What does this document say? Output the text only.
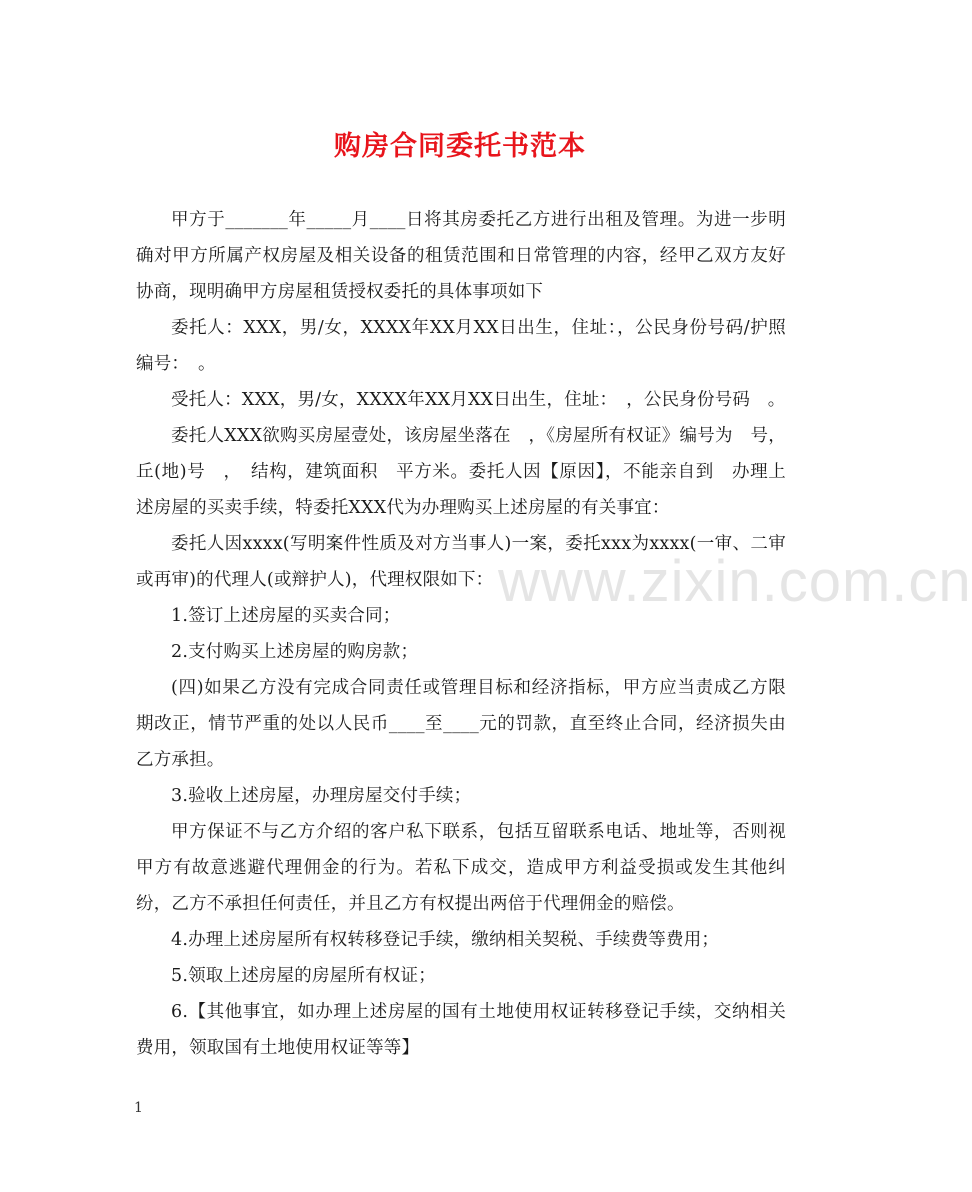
购房合同委托书范本

甲方于_______年_____月____日将其房委托乙方进行出租及管理。为进一步明确对甲方所属产权房屋及相关设备的租赁范围和日常管理的内容，经甲乙双方友好协商，现明确甲方房屋租赁授权委托的具体事项如下

委托人：XXX，男/女，XXXX年XX月XX日出生，住址：，公民身份号码/护照编号：　。

受托人：XXX，男/女，XXXX年XX月XX日出生，住址：　，公民身份号码　。

委托人XXX欲购买房屋壹处，该房屋坐落在　，《房屋所有权证》编号为　号，丘(地)号　，　结构，建筑面积　平方米。委托人因【原因】，不能亲自到　办理上述房屋的买卖手续，特委托XXX代为办理购买上述房屋的有关事宜：

委托人因xxxx(写明案件性质及对方当事人)一案，委托xxx为xxxx(一审、二审或再审)的代理人(或辩护人)，代理权限如下：

1.签订上述房屋的买卖合同；

2.支付购买上述房屋的购房款；

(四)如果乙方没有完成合同责任或管理目标和经济指标，甲方应当责成乙方限期改正，情节严重的处以人民币____至____元的罚款，直至终止合同，经济损失由乙方承担。

3.验收上述房屋，办理房屋交付手续；

甲方保证不与乙方介绍的客户私下联系，包括互留联系电话、地址等，否则视甲方有故意逃避代理佣金的行为。若私下成交，造成甲方利益受损或发生其他纠纷，乙方不承担任何责任，并且乙方有权提出两倍于代理佣金的赔偿。

4.办理上述房屋所有权转移登记手续，缴纳相关契税、手续费等费用；

5.领取上述房屋的房屋所有权证；

6.【其他事宜，如办理上述房屋的国有土地使用权证转移登记手续，交纳相关费用，领取国有土地使用权证等等】

www.zixin.com.cn
1
